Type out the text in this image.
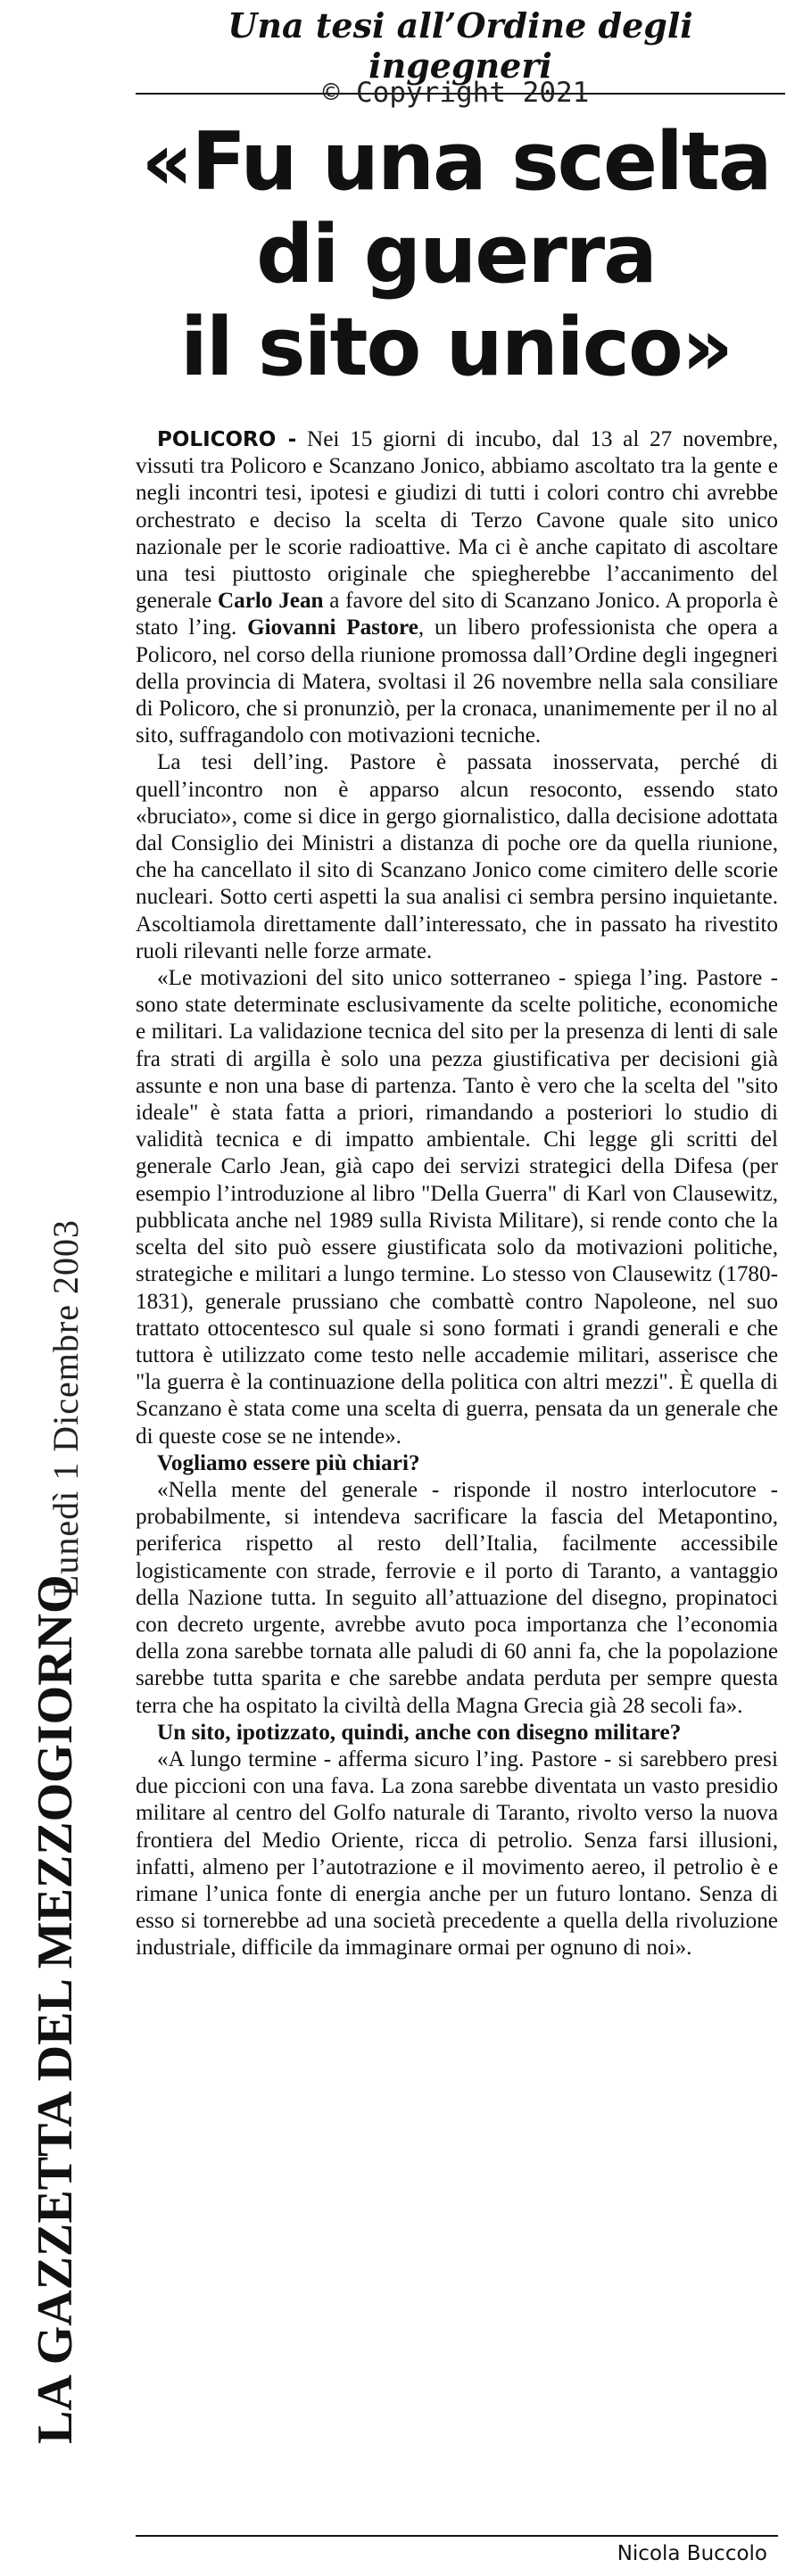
Lunedì 1 Dicembre 2003
LA GAZZETTA DEL MEZZOGIORNO
Una tesi all’Ordine degli ingegneri
© Copyright 2021
«Fu una scelta
di guerra
il sito unico»

POLICORO - Nei 15 giorni di incubo, dal 13 al 27 novembre, vissuti tra Policoro e Scanzano Jonico, abbiamo ascoltato tra la gente e negli incontri tesi, ipotesi e giudizi di tutti i colori contro chi avrebbe orchestrato e deciso la scelta di Terzo Cavone quale sito unico nazionale per le scorie radioattive. Ma ci è anche capitato di ascoltare una tesi piuttosto originale che spiegherebbe l’accanimento del generale Carlo Jean a favore del sito di Scanzano Jonico. A proporla è stato l’ing. Giovanni Pastore, un libero professionista che opera a Policoro, nel corso della riunione promossa dall’Ordine degli ingegneri della provincia di Matera, svoltasi il 26 novembre nella sala consiliare di Policoro, che si pronunziò, per la cronaca, unanimemente per il no al sito, suffragandolo con motivazioni tecniche.

La tesi dell’ing. Pastore è passata inosservata, perché di quell’incontro non è apparso alcun resoconto, essendo stato «bruciato», come si dice in gergo giornalistico, dalla decisione adottata dal Consiglio dei Ministri a distanza di poche ore da quella riunione, che ha cancellato il sito di Scanzano Jonico come cimitero delle scorie nucleari. Sotto certi aspetti la sua analisi ci sembra persino inquietante. Ascoltiamola direttamente dall’interessato, che in passato ha rivestito ruoli rilevanti nelle forze armate.

«Le motivazioni del sito unico sotterraneo - spiega l’ing. Pastore - sono state determinate esclusivamente da scelte politiche, economiche e militari. La validazione tecnica del sito per la presenza di lenti di sale fra strati di argilla è solo una pezza giustificativa per decisioni già assunte e non una base di partenza. Tanto è vero che la scelta del "sito ideale" è stata fatta a priori, rimandando a posteriori lo studio di validità tecnica e di impatto ambientale. Chi legge gli scritti del generale Carlo Jean, già capo dei servizi strategici della Difesa (per esempio l’introduzione al libro "Della Guerra" di Karl von Clausewitz, pubblicata anche nel 1989 sulla Rivista Militare), si rende conto che la scelta del sito può essere giustificata solo da motivazioni politiche, strategiche e militari a lungo termine. Lo stesso von Clausewitz (1780-1831), generale prussiano che combattè contro Napoleone, nel suo trattato ottocentesco sul quale si sono formati i grandi generali e che tuttora è utilizzato come testo nelle accademie militari, asserisce che "la guerra è la continuazione della politica con altri mezzi". È quella di Scanzano è stata come una scelta di guerra, pensata da un generale che di queste cose se ne intende».

Vogliamo essere più chiari?

«Nella mente del generale - risponde il nostro interlocutore - probabilmente, si intendeva sacrificare la fascia del Metapontino, periferica rispetto al resto dell’Italia, facilmente accessibile logisticamente con strade, ferrovie e il porto di Taranto, a vantaggio della Nazione tutta. In seguito all’attuazione del disegno, propinatoci con decreto urgente, avrebbe avuto poca importanza che l’economia della zona sarebbe tornata alle paludi di 60 anni fa, che la popolazione sarebbe tutta sparita e che sarebbe andata perduta per sempre questa terra che ha ospitato la civiltà della Magna Grecia già 28 secoli fa».

Un sito, ipotizzato, quindi, anche con disegno militare?

«A lungo termine - afferma sicuro l’ing. Pastore - si sarebbero presi due piccioni con una fava. La zona sarebbe diventata un vasto presidio militare al centro del Golfo naturale di Taranto, rivolto verso la nuova frontiera del Medio Oriente, ricca di petrolio. Senza farsi illusioni, infatti, almeno per l’autotrazione e il movimento aereo, il petrolio è e rimane l’unica fonte di energia anche per un futuro lontano. Senza di esso si tornerebbe ad una società precedente a quella della rivoluzione industriale, difficile da immaginare ormai per ognuno di noi».

Nicola Buccolo
